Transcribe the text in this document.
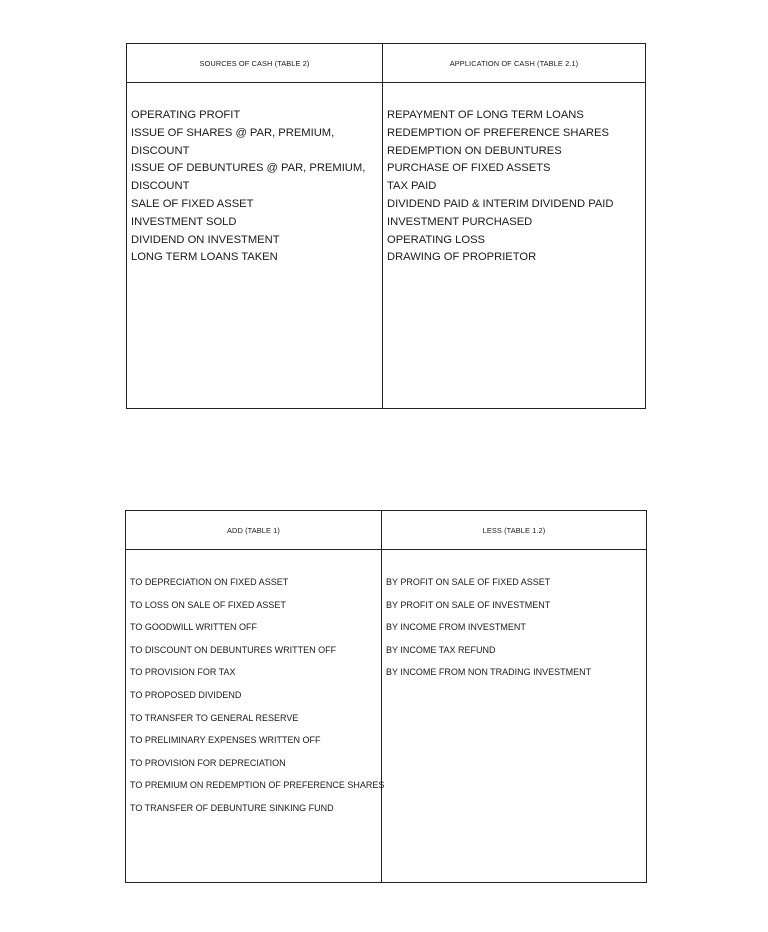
SOURCES OF CASH (TABLE 2)	APPLICATION OF CASH (TABLE 2.1)
OPERATING PROFIT
ISSUE OF SHARES @ PAR, PREMIUM, DISCOUNT
ISSUE OF DEBUNTURES @ PAR, PREMIUM, DISCOUNT
SALE OF FIXED ASSET
INVESTMENT SOLD
DIVIDEND ON INVESTMENT
LONG TERM LOANS TAKEN
REPAYMENT OF LONG TERM LOANS
REDEMPTION OF PREFERENCE SHARES
REDEMPTION ON DEBUNTURES
PURCHASE OF FIXED ASSETS
TAX PAID
DIVIDEND PAID & INTERIM DIVIDEND PAID
INVESTMENT PURCHASED
OPERATING LOSS
DRAWING OF PROPRIETOR
ADD (TABLE 1)	LESS (TABLE 1.2)
TO DEPRECIATION ON FIXED ASSET
TO LOSS ON SALE OF FIXED ASSET
TO GOODWILL WRITTEN OFF
TO DISCOUNT ON DEBUNTURES WRITTEN OFF
TO PROVISION FOR TAX
TO PROPOSED DIVIDEND
TO TRANSFER TO GENERAL RESERVE
TO PRELIMINARY EXPENSES WRITTEN OFF
TO PROVISION FOR DEPRECIATION
TO PREMIUM ON REDEMPTION OF PREFERENCE SHARES
TO TRANSFER OF DEBUNTURE SINKING FUND
BY PROFIT ON SALE OF FIXED ASSET
BY PROFIT ON SALE OF INVESTMENT
BY INCOME FROM INVESTMENT
BY INCOME TAX REFUND
BY INCOME FROM NON TRADING INVESTMENT
